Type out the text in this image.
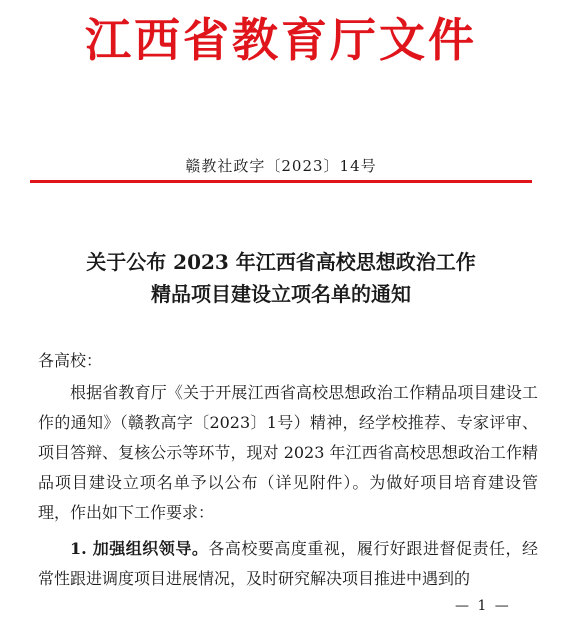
江西省教育厅文件
赣教社政字〔2023〕14号
关于公布 2023 年江西省高校思想政治工作
精品项目建设立项名单的通知
各高校：

根据省教育厅《关于开展江西省高校思想政治工作精品项目建设工作的通知》（赣教高字〔2023〕1号）精神，经学校推荐、专家评审、项目答辩、复核公示等环节，现对 2023 年江西省高校思想政治工作精品项目建设立项名单予以公布（详见附件）。为做好项目培育建设管理，作出如下工作要求：

1. 加强组织领导。各高校要高度重视，履行好跟进督促责任，经常性跟进调度项目进展情况，及时研究解决项目推进中遇到的

— 1 —
